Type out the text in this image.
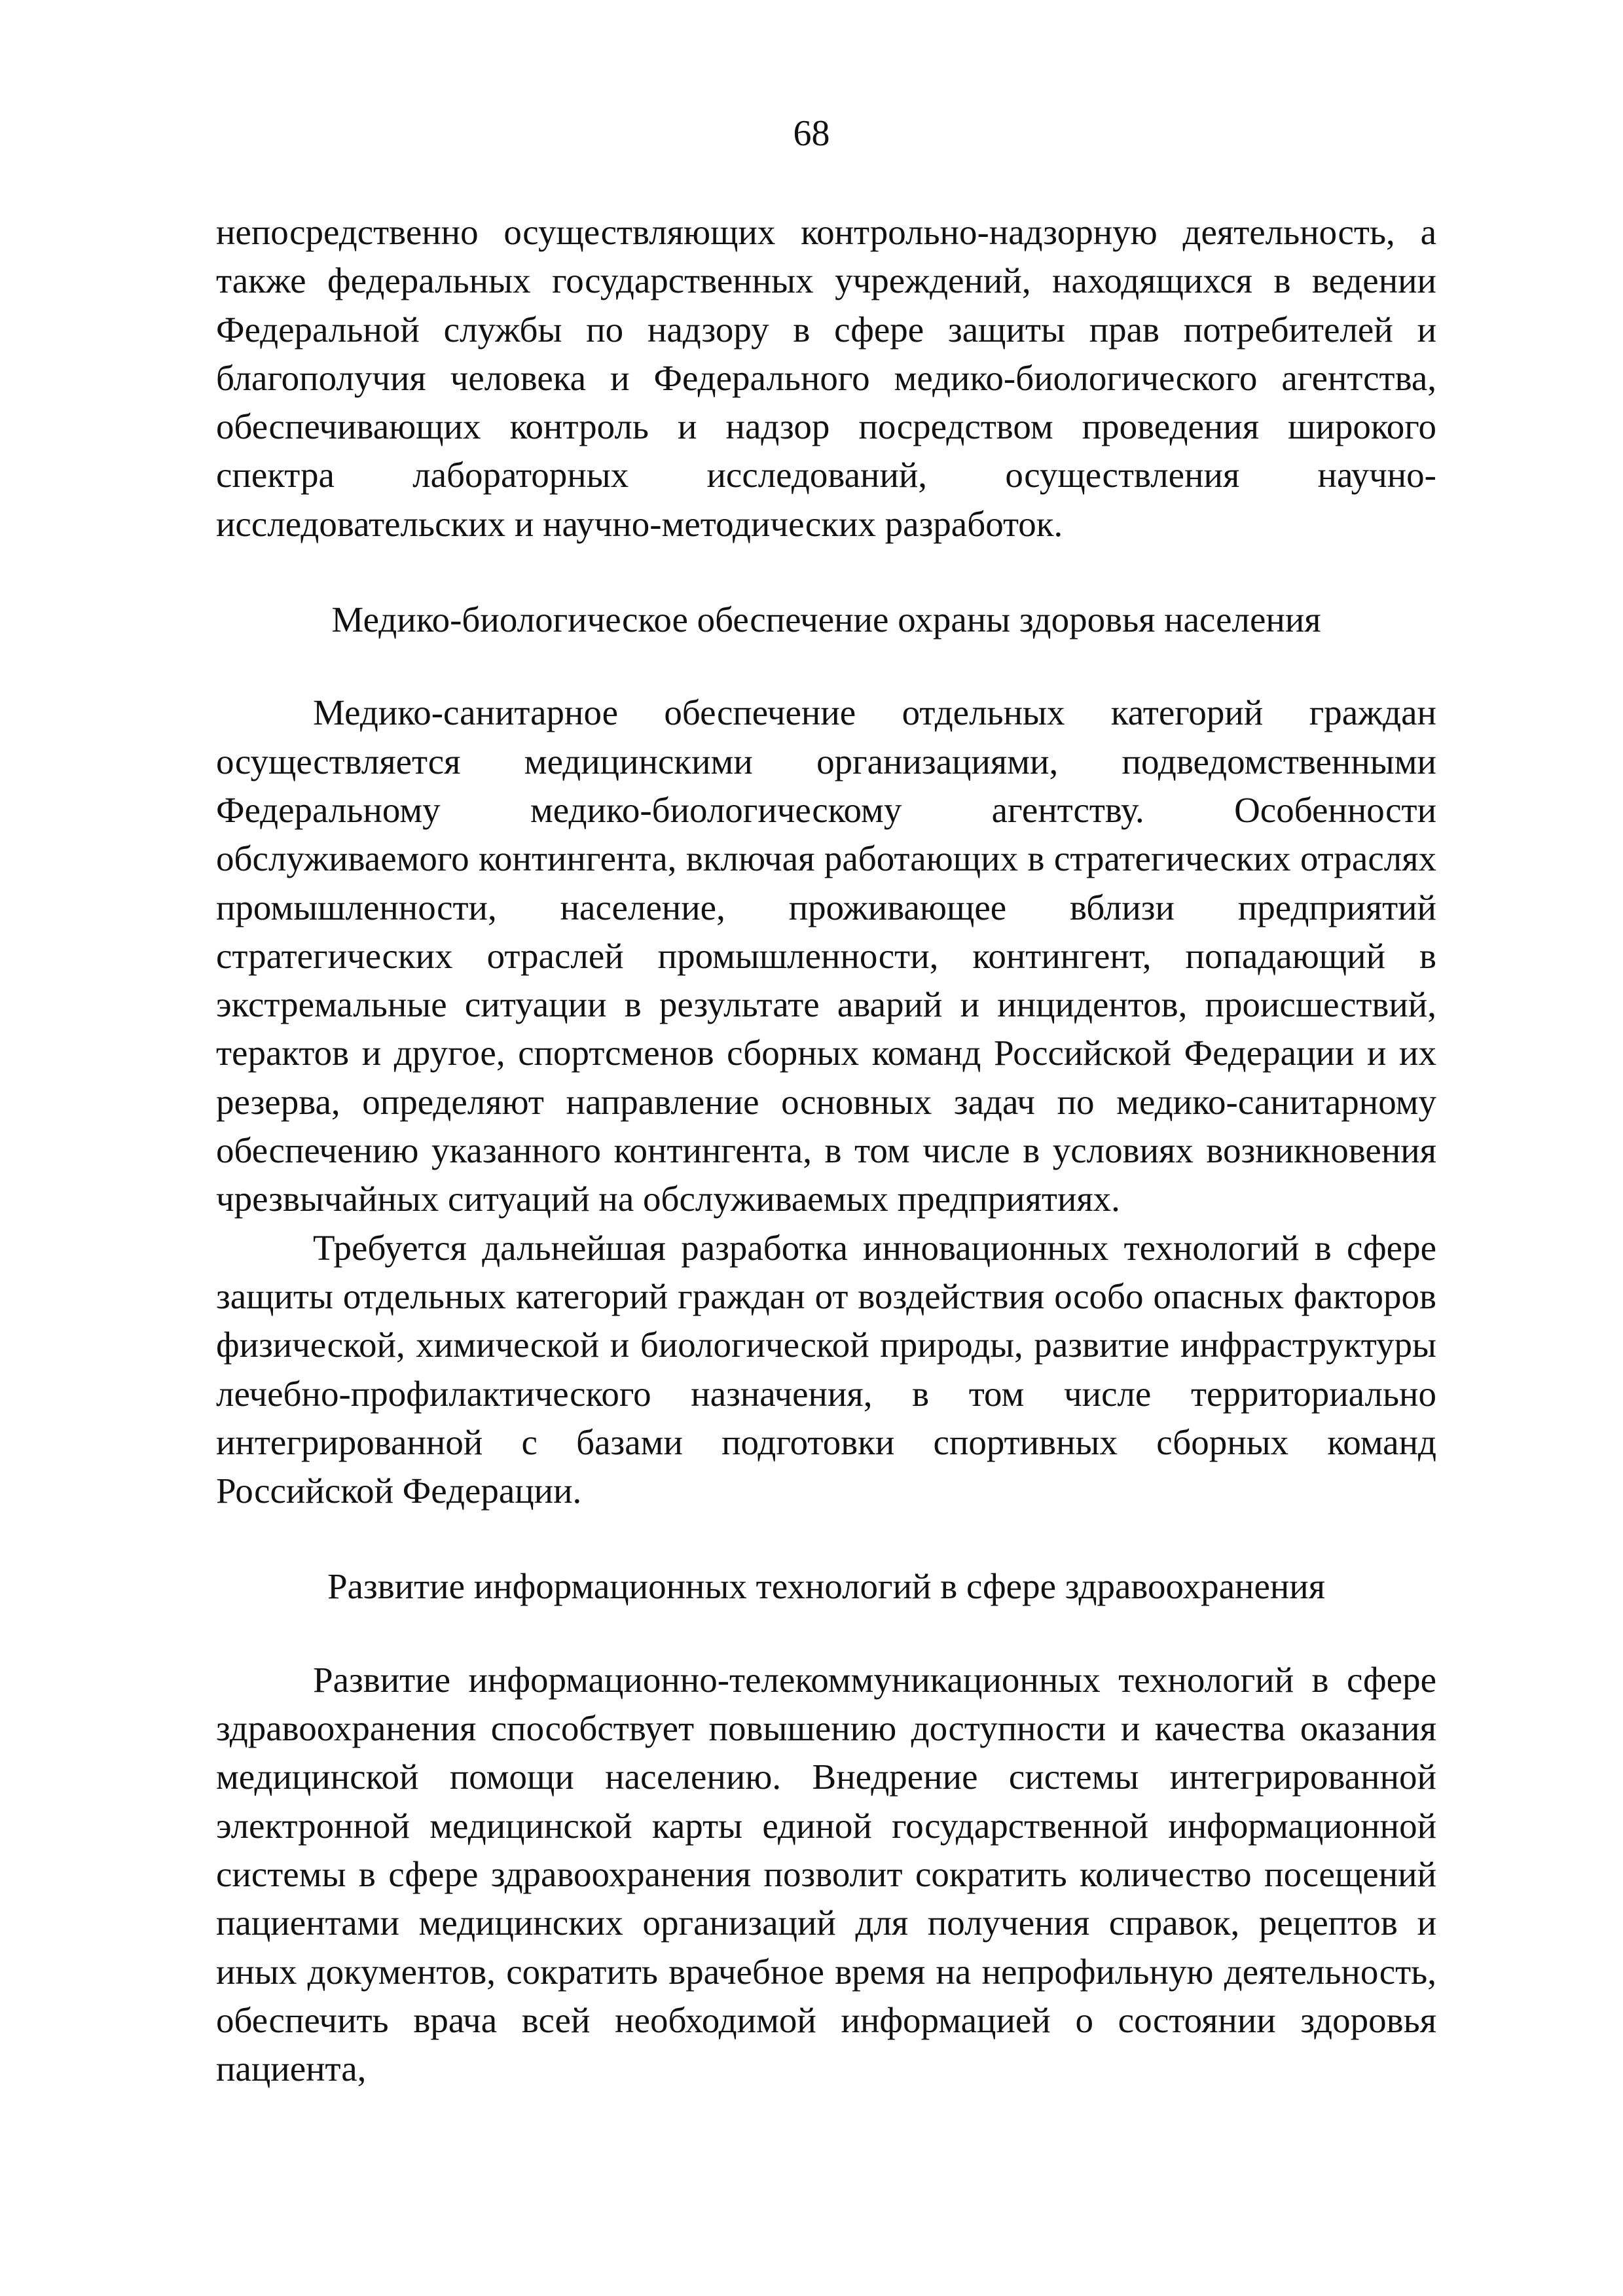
68

непосредственно осуществляющих контрольно-надзорную деятельность, а также федеральных государственных учреждений, находящихся в ведении Федеральной службы по надзору в сфере защиты прав потребителей и благополучия человека и Федерального медико-биологического агентства, обеспечивающих контроль и надзор посредством проведения широкого спектра лабораторных исследований, осуществления научно-исследовательских и научно-методических разработок.

Медико-биологическое обеспечение охраны здоровья населения

Медико-санитарное обеспечение отдельных категорий граждан осуществляется медицинскими организациями, подведомственными Федеральному медико-биологическому агентству. Особенности обслуживаемого контингента, включая работающих в стратегических отраслях промышленности, население, проживающее вблизи предприятий стратегических отраслей промышленности, контингент, попадающий в экстремальные ситуации в результате аварий и инцидентов, происшествий, терактов и другое, спортсменов сборных команд Российской Федерации и их резерва, определяют направление основных задач по медико-санитарному обеспечению указанного контингента, в том числе в условиях возникновения чрезвычайных ситуаций на обслуживаемых предприятиях.

Требуется дальнейшая разработка инновационных технологий в сфере защиты отдельных категорий граждан от воздействия особо опасных факторов физической, химической и биологической природы, развитие инфраструктуры лечебно-профилактического назначения, в том числе территориально интегрированной с базами подготовки спортивных сборных команд Российской Федерации.

Развитие информационных технологий в сфере здравоохранения

Развитие информационно-телекоммуникационных технологий в сфере здравоохранения способствует повышению доступности и качества оказания медицинской помощи населению. Внедрение системы интегрированной электронной медицинской карты единой государственной информационной системы в сфере здравоохранения позволит сократить количество посещений пациентами медицинских организаций для получения справок, рецептов и иных документов, сократить врачебное время на непрофильную деятельность, обеспечить врача всей необходимой информацией о состоянии здоровья пациента,
